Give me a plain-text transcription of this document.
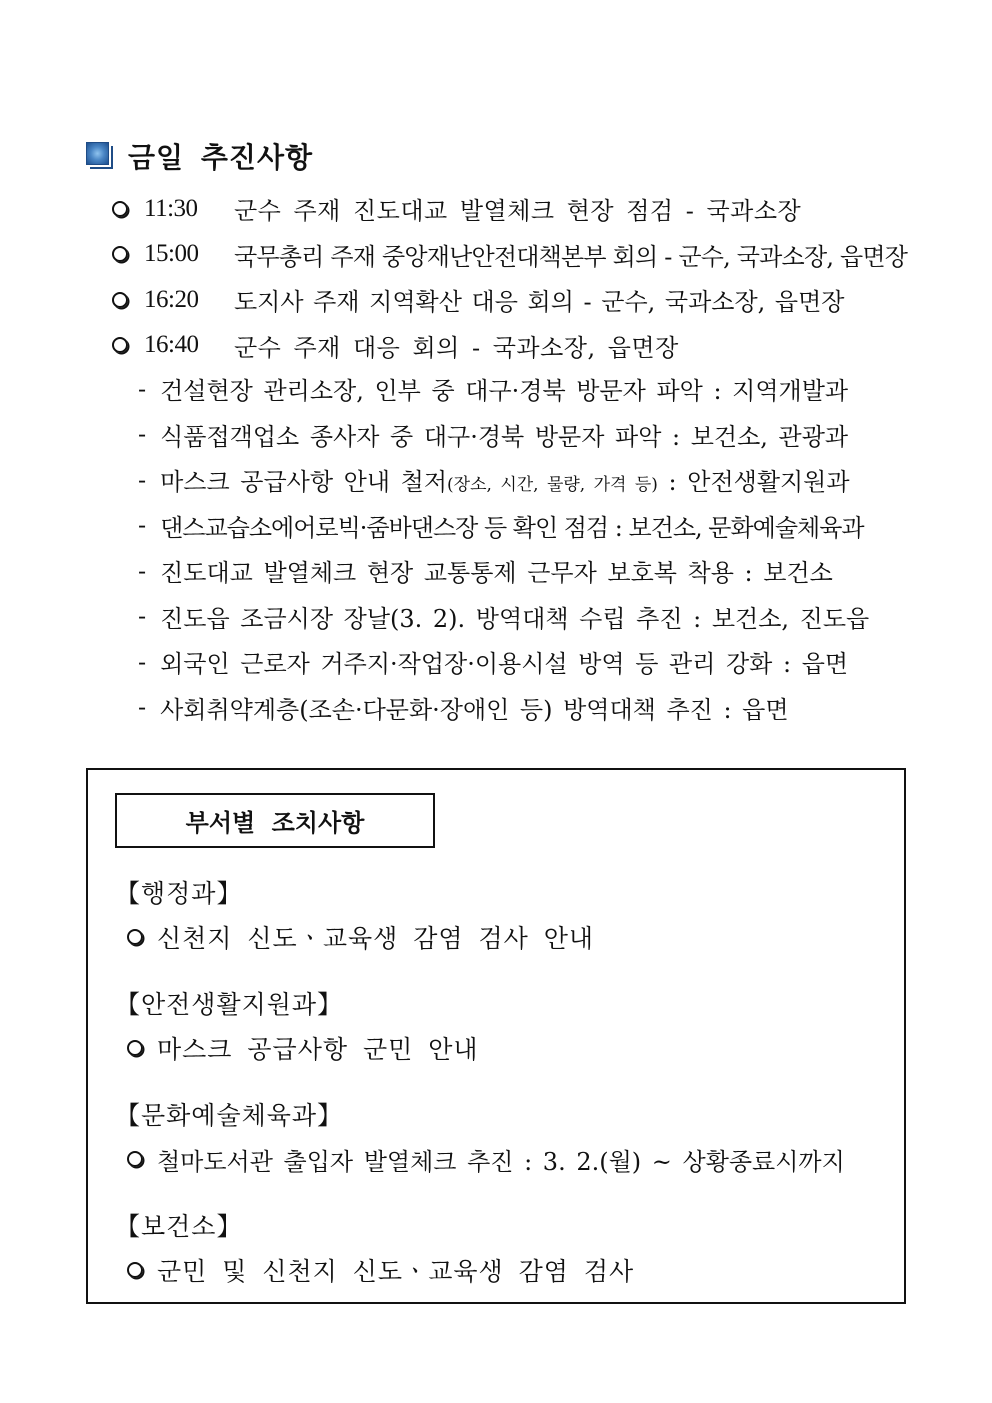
금일 추진사항
11:30	군수 주재 진도대교 발열체크 현장 점검 - 국과소장
15:00	국무총리 주재 중앙재난안전대책본부 회의 - 군수, 국과소장, 읍면장
16:20	도지사 주재 지역확산 대응 회의 - 군수, 국과소장, 읍면장
16:40	군수 주재 대응 회의 - 국과소장, 읍면장
- 건설현장 관리소장, 인부 중 대구·경북 방문자 파악 : 지역개발과
- 식품접객업소 종사자 중 대구·경북 방문자 파악 : 보건소, 관광과
- 마스크 공급사항 안내 철저(장소, 시간, 물량, 가격 등) : 안전생활지원과
- 댄스교습소에어로빅·줌바댄스장 등 확인 점검 : 보건소, 문화예술체육과
- 진도대교 발열체크 현장 교통통제 근무자 보호복 착용 : 보건소
- 진도읍 조금시장 장날(3. 2). 방역대책 수립 추진 : 보건소, 진도읍
- 외국인 근로자 거주지·작업장·이용시설 방역 등 관리 강화 : 읍면
- 사회취약계층(조손·다문화·장애인 등) 방역대책 추진 : 읍면
부서별 조치사항
【행정과】
신천지 신도ㆍ교육생 감염 검사 안내
【안전생활지원과】
마스크 공급사항 군민 안내
【문화예술체육과】
철마도서관 출입자 발열체크 추진 : 3. 2.(월) ~ 상황종료시까지
【보건소】
군민 및 신천지 신도ㆍ교육생 감염 검사
